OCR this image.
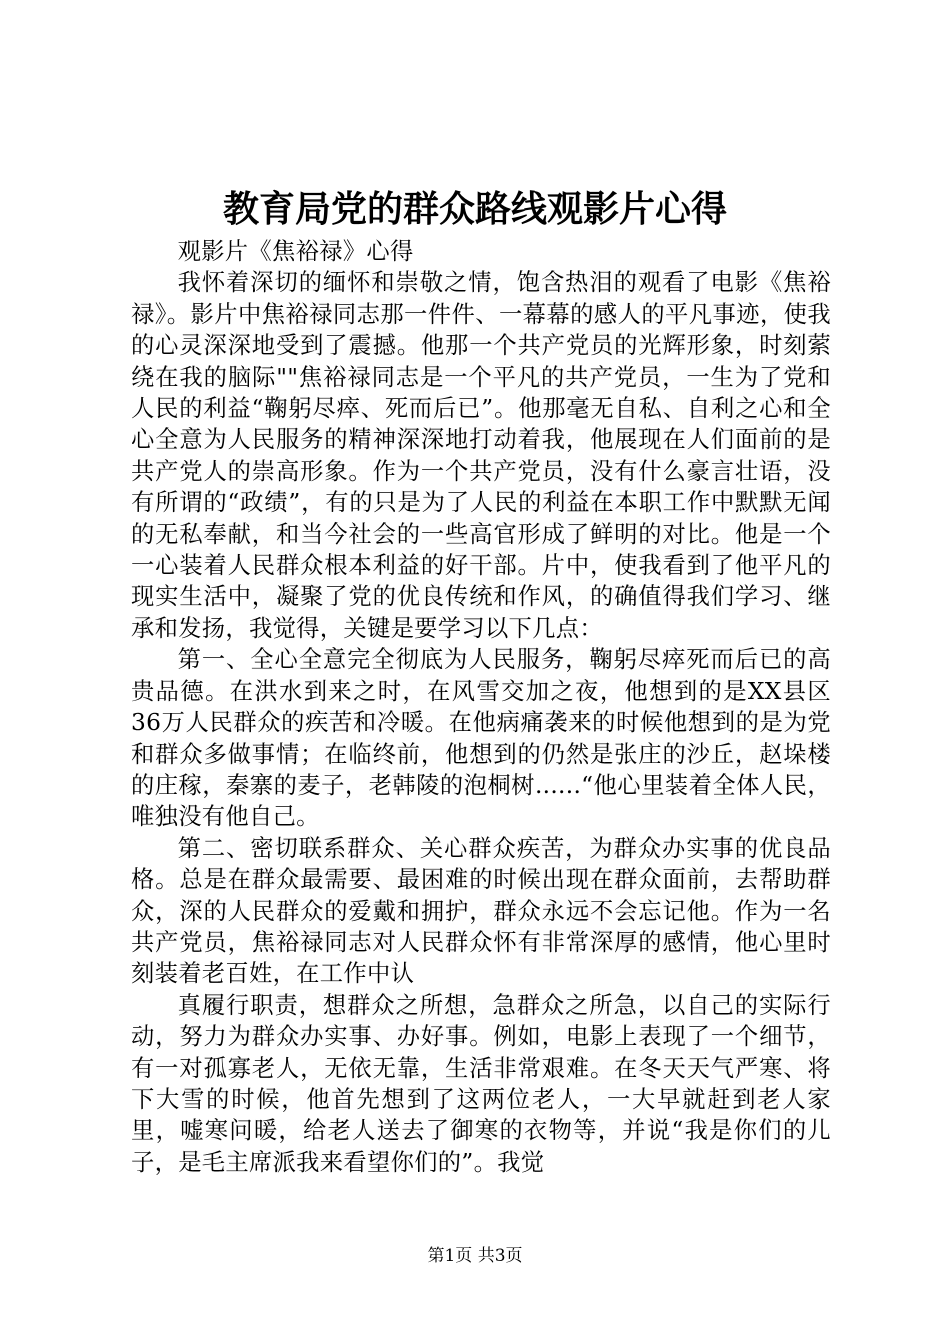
教育局党的群众路线观影片心得

观影片《焦裕禄》心得

我怀着深切的缅怀和崇敬之情，饱含热泪的观看了电影《焦裕禄》。影片中焦裕禄同志那一件件、一幕幕的感人的平凡事迹，使我的心灵深深地受到了震撼。他那一个共产党员的光辉形象，时刻萦绕在我的脑际""焦裕禄同志是一个平凡的共产党员，一生为了党和人民的利益“鞠躬尽瘁、死而后已”。他那毫无自私、自利之心和全心全意为人民服务的精神深深地打动着我，他展现在人们面前的是共产党人的崇高形象。作为一个共产党员，没有什么豪言壮语，没有所谓的“政绩”，有的只是为了人民的利益在本职工作中默默无闻的无私奉献，和当今社会的一些高官形成了鲜明的对比。他是一个一心装着人民群众根本利益的好干部。片中，使我看到了他平凡的现实生活中，凝聚了党的优良传统和作风，的确值得我们学习、继承和发扬，我觉得，关键是要学习以下几点：

第一、全心全意完全彻底为人民服务，鞠躬尽瘁死而后已的高贵品德。在洪水到来之时，在风雪交加之夜，他想到的是XX县区36万人民群众的疾苦和冷暖。在他病痛袭来的时候他想到的是为党和群众多做事情；在临终前，他想到的仍然是张庄的沙丘，赵垛楼的庄稼，秦寨的麦子，老韩陵的泡桐树......“他心里装着全体人民，唯独没有他自己。

第二、密切联系群众、关心群众疾苦，为群众办实事的优良品格。总是在群众最需要、最困难的时候出现在群众面前，去帮助群众，深的人民群众的爱戴和拥护，群众永远不会忘记他。作为一名共产党员，焦裕禄同志对人民群众怀有非常深厚的感情，他心里时刻装着老百姓，在工作中认

真履行职责，想群众之所想，急群众之所急，以自己的实际行动，努力为群众办实事、办好事。例如，电影上表现了一个细节，有一对孤寡老人，无依无靠，生活非常艰难。在冬天天气严寒、将下大雪的时候，他首先想到了这两位老人，一大早就赶到老人家里，嘘寒问暖，给老人送去了御寒的衣物等，并说“我是你们的儿子，是毛主席派我来看望你们的”。我觉

第1页 共3页
